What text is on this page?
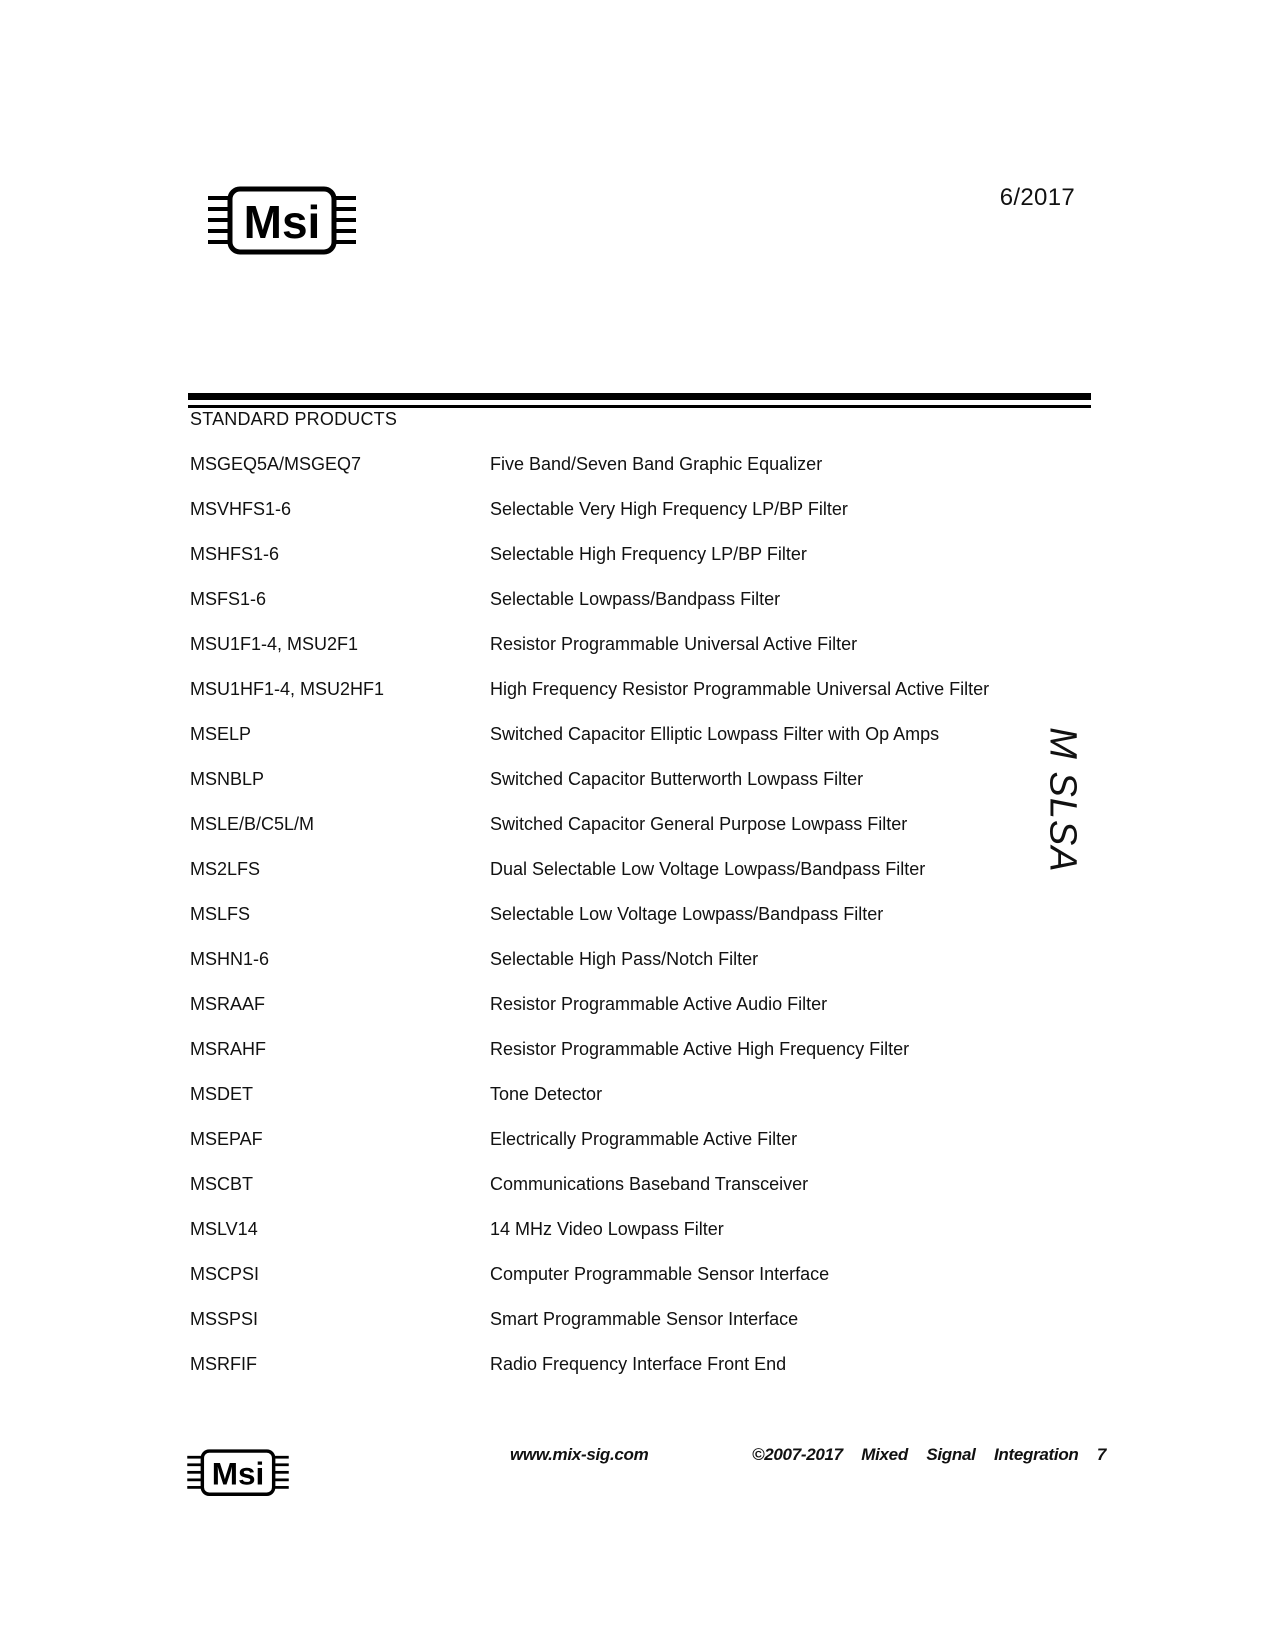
Msi	6/2017
STANDARD PRODUCTS
MSGEQ5A/MSGEQ7	Five Band/Seven Band Graphic Equalizer
MSVHFS1-6	Selectable Very High Frequency LP/BP Filter
MSHFS1-6	Selectable High Frequency LP/BP Filter
MSFS1-6	Selectable Lowpass/Bandpass Filter
MSU1F1-4, MSU2F1	Resistor Programmable Universal Active Filter
MSU1HF1-4, MSU2HF1	High Frequency Resistor Programmable Universal Active Filter
MSELP	Switched Capacitor Elliptic Lowpass Filter with Op Amps
MSNBLP	Switched Capacitor Butterworth Lowpass Filter
MSLE/B/C5L/M	Switched Capacitor General Purpose Lowpass Filter
MS2LFS	Dual Selectable Low Voltage Lowpass/Bandpass Filter
MSLFS	Selectable Low Voltage Lowpass/Bandpass Filter
MSHN1-6	Selectable High Pass/Notch Filter
MSRAAF	Resistor Programmable Active Audio Filter
MSRAHF	Resistor Programmable Active High Frequency Filter
MSDET	Tone Detector
MSEPAF	Electrically Programmable Active Filter
MSCBT	Communications Baseband Transceiver
MSLV14	14 MHz Video Lowpass Filter
MSCPSI	Computer Programmable Sensor Interface
MSSPSI	Smart Programmable Sensor Interface
MSRFIF	Radio Frequency Interface Front End
M SLSA
Msi
www.mix-sig.com	©2007-2017 Mixed Signal Integration 7
